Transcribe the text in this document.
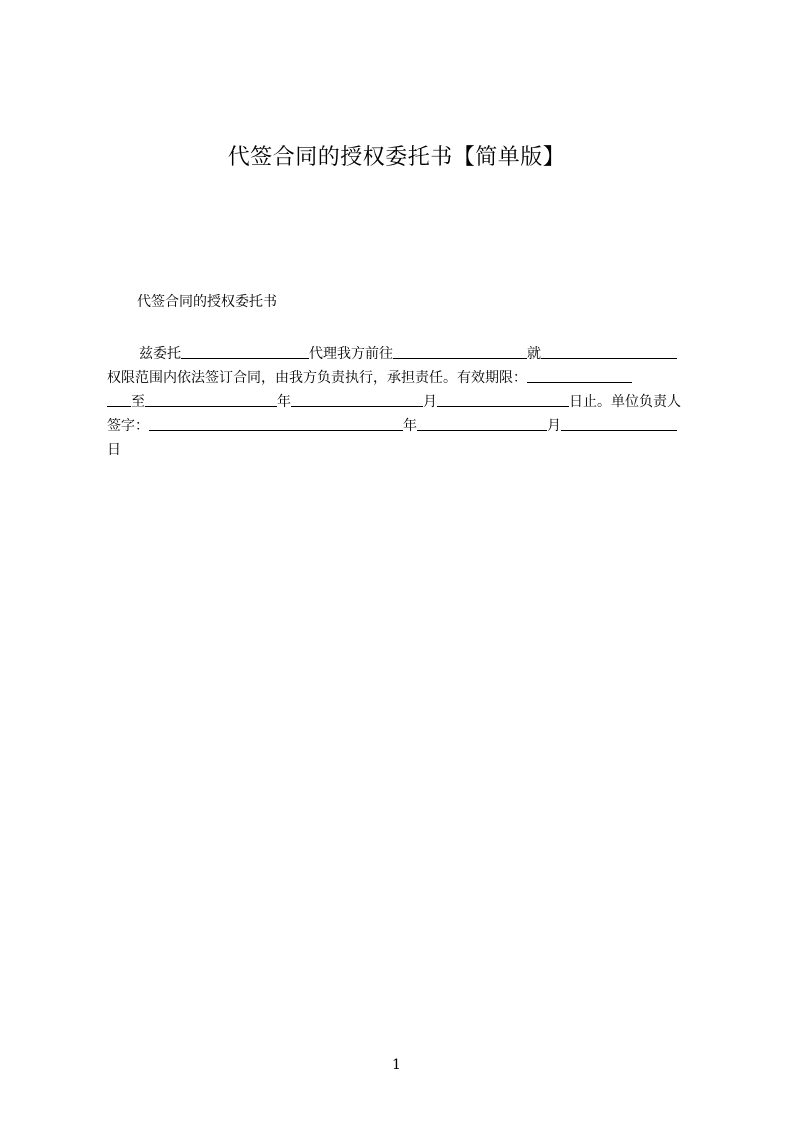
代签合同的授权委托书【简单版】
代签合同的授权委托书
兹委托	代理我方前往	就
权限范围内依法签订合同，由我方负责执行，承担责任。有效期限：
至	年	月	日止。单位负责人
签字：	年	月
日
1
